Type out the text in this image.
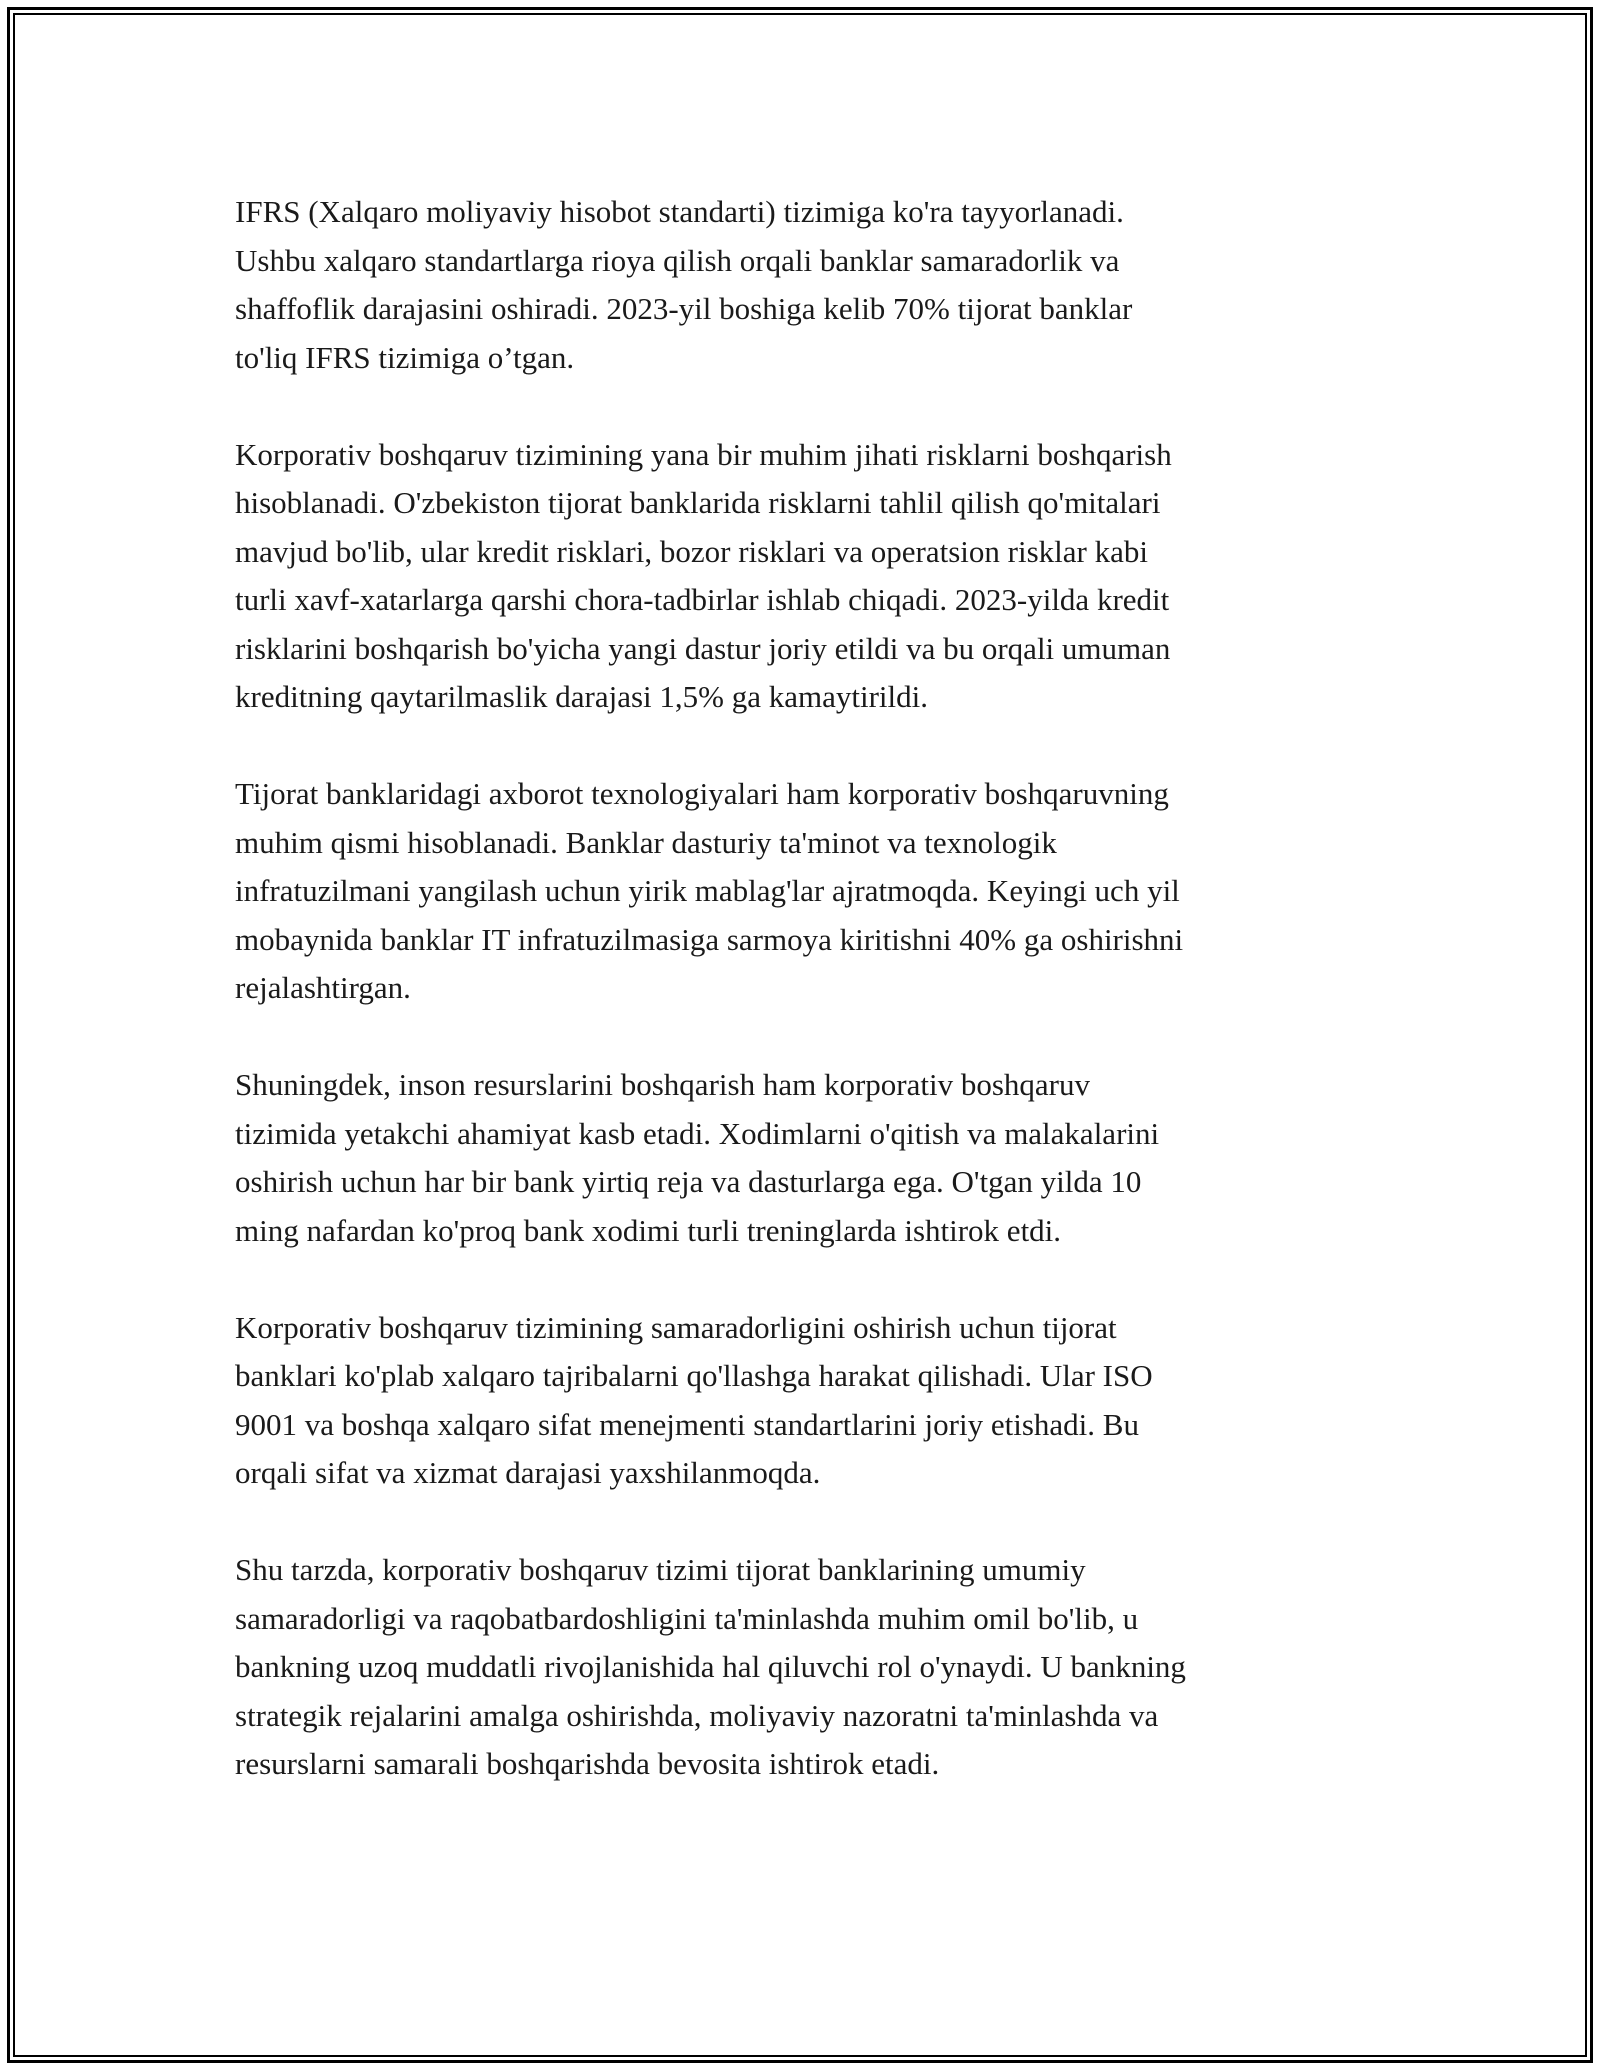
IFRS (Xalqaro moliyaviy hisobot standarti) tizimiga ko'ra tayyorlanadi.
Ushbu xalqaro standartlarga rioya qilish orqali banklar samaradorlik va
shaffoflik darajasini oshiradi. 2023-yil boshiga kelib 70% tijorat banklar
to'liq IFRS tizimiga o’tgan.

Korporativ boshqaruv tizimining yana bir muhim jihati risklarni boshqarish
hisoblanadi. O'zbekiston tijorat banklarida risklarni tahlil qilish qo'mitalari
mavjud bo'lib, ular kredit risklari, bozor risklari va operatsion risklar kabi
turli xavf-xatarlarga qarshi chora-tadbirlar ishlab chiqadi. 2023-yilda kredit
risklarini boshqarish bo'yicha yangi dastur joriy etildi va bu orqali umuman
kreditning qaytarilmaslik darajasi 1,5% ga kamaytirildi.

Tijorat banklaridagi axborot texnologiyalari ham korporativ boshqaruvning
muhim qismi hisoblanadi. Banklar dasturiy ta'minot va texnologik
infratuzilmani yangilash uchun yirik mablag'lar ajratmoqda. Keyingi uch yil
mobaynida banklar IT infratuzilmasiga sarmoya kiritishni 40% ga oshirishni
rejalashtirgan.

Shuningdek, inson resurslarini boshqarish ham korporativ boshqaruv
tizimida yetakchi ahamiyat kasb etadi. Xodimlarni o'qitish va malakalarini
oshirish uchun har bir bank yirtiq reja va dasturlarga ega. O'tgan yilda 10
ming nafardan ko'proq bank xodimi turli treninglarda ishtirok etdi.

Korporativ boshqaruv tizimining samaradorligini oshirish uchun tijorat
banklari ko'plab xalqaro tajribalarni qo'llashga harakat qilishadi. Ular ISO
9001 va boshqa xalqaro sifat menejmenti standartlarini joriy etishadi. Bu
orqali sifat va xizmat darajasi yaxshilanmoqda.

Shu tarzda, korporativ boshqaruv tizimi tijorat banklarining umumiy
samaradorligi va raqobatbardoshligini ta'minlashda muhim omil bo'lib, u
bankning uzoq muddatli rivojlanishida hal qiluvchi rol o'ynaydi. U bankning
strategik rejalarini amalga oshirishda, moliyaviy nazoratni ta'minlashda va
resurslarni samarali boshqarishda bevosita ishtirok etadi.
